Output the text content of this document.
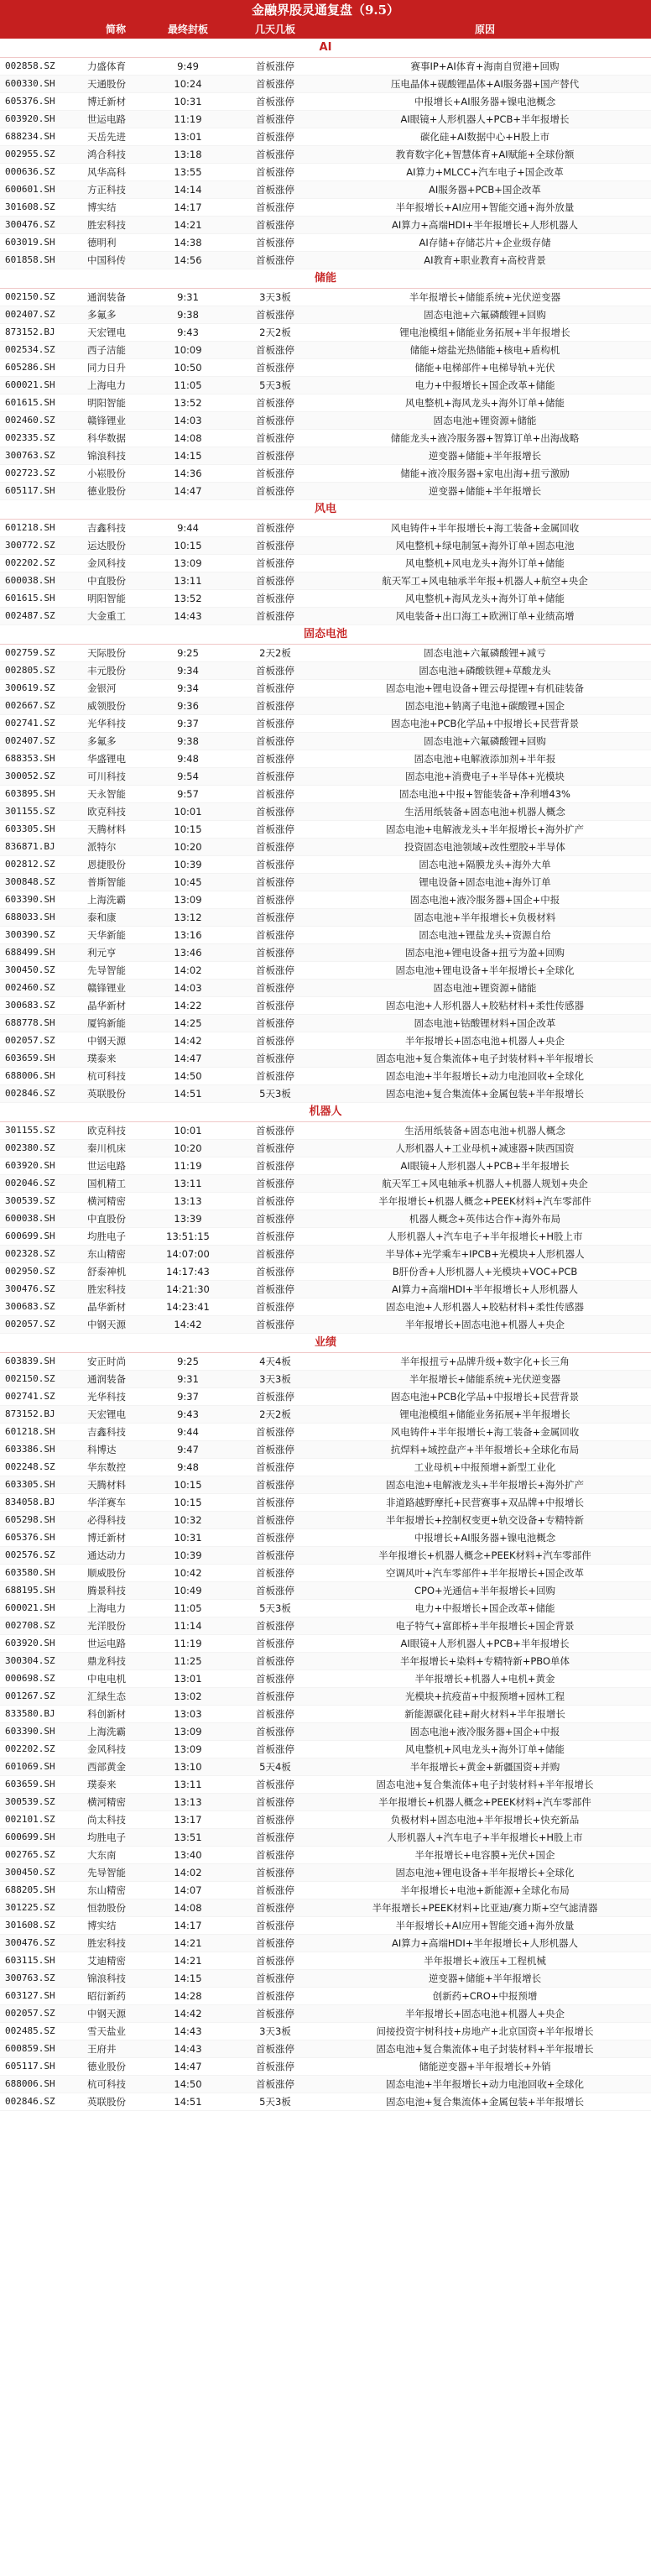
金融界股灵通复盘（9.5）
简称	最终封板	几天几板	原因
AI
002858.SZ	力盛体育	9:49	首板涨停	赛事IP+AI体育+海南自贸港+回购
600330.SH	天通股份	10:24	首板涨停	压电晶体+砚酸锂晶体+AI服务器+国产替代
605376.SH	博迁新材	10:31	首板涨停	中报增长+AI服务器+镍电池概念
603920.SH	世运电路	11:19	首板涨停	AI眼镜+人形机器人+PCB+半年报增长
688234.SH	天岳先进	13:01	首板涨停	碳化硅+AI数据中心+H股上市
002955.SZ	鸿合科技	13:18	首板涨停	教育数字化+智慧体育+AI赋能+全球份额
000636.SZ	风华高科	13:55	首板涨停	AI算力+MLCC+汽车电子+国企改革
600601.SH	方正科技	14:14	首板涨停	AI服务器+PCB+国企改革
301608.SZ	博实结	14:17	首板涨停	半年报增长+AI应用+智能交通+海外放量
300476.SZ	胜宏科技	14:21	首板涨停	AI算力+高端HDI+半年报增长+人形机器人
603019.SH	德明利	14:38	首板涨停	AI存储+存储芯片+企业级存储
601858.SH	中国科传	14:56	首板涨停	AI教育+职业教育+高校背景
储能
002150.SZ	通润装备	9:31	3天3板	半年报增长+储能系统+光伏逆变器
002407.SZ	多氟多	9:38	首板涨停	固态电池+六氟磷酸锂+回购
873152.BJ	天宏锂电	9:43	2天2板	锂电池模组+储能业务拓展+半年报增长
002534.SZ	西子洁能	10:09	首板涨停	储能+熔盐光热储能+核电+盾构机
605286.SH	同力日升	10:50	首板涨停	储能+电梯部件+电梯导轨+光伏
600021.SH	上海电力	11:05	5天3板	电力+中报增长+国企改革+储能
601615.SH	明阳智能	13:52	首板涨停	风电整机+海风龙头+海外订单+储能
002460.SZ	赣锋锂业	14:03	首板涨停	固态电池+锂资源+储能
002335.SZ	科华数据	14:08	首板涨停	储能龙头+液冷服务器+智算订单+出海战略
300763.SZ	锦浪科技	14:15	首板涨停	逆变器+储能+半年报增长
002723.SZ	小崧股份	14:36	首板涨停	储能+液冷服务器+家电出海+扭亏激励
605117.SH	德业股份	14:47	首板涨停	逆变器+储能+半年报增长
风电
601218.SH	吉鑫科技	9:44	首板涨停	风电铸件+半年报增长+海工装备+金属回收
300772.SZ	运达股份	10:15	首板涨停	风电整机+绿电制氢+海外订单+固态电池
002202.SZ	金风科技	13:09	首板涨停	风电整机+风电龙头+海外订单+储能
600038.SH	中直股份	13:11	首板涨停	航天军工+风电轴承半年报+机器人+航空+央企
601615.SH	明阳智能	13:52	首板涨停	风电整机+海风龙头+海外订单+储能
002487.SZ	大金重工	14:43	首板涨停	风电装备+出口海工+欧洲订单+业绩高增
固态电池
002759.SZ	天际股份	9:25	2天2板	固态电池+六氟磷酸锂+减亏
002805.SZ	丰元股份	9:34	首板涨停	固态电池+磷酸铁锂+草酸龙头
300619.SZ	金银河	9:34	首板涨停	固态电池+锂电设备+锂云母提锂+有机硅装备
002667.SZ	威领股份	9:36	首板涨停	固态电池+钠离子电池+碳酸锂+国企
002741.SZ	光华科技	9:37	首板涨停	固态电池+PCB化学品+中报增长+民营背景
002407.SZ	多氟多	9:38	首板涨停	固态电池+六氟磷酸锂+回购
688353.SH	华盛锂电	9:48	首板涨停	固态电池+电解液添加剂+半年报
300052.SZ	可川科技	9:54	首板涨停	固态电池+消费电子+半导体+光模块
603895.SH	天永智能	9:57	首板涨停	固态电池+中报+智能装备+净利增43%
301155.SZ	欧克科技	10:01	首板涨停	生活用纸装备+固态电池+机器人概念
603305.SH	天腾材料	10:15	首板涨停	固态电池+电解液龙头+半年报增长+海外扩产
836871.BJ	派特尔	10:20	首板涨停	投资固态电池领域+改性塑胶+半导体
002812.SZ	恩捷股份	10:39	首板涨停	固态电池+隔膜龙头+海外大单
300848.SZ	普斯智能	10:45	首板涨停	锂电设备+固态电池+海外订单
603390.SH	上海洗霸	13:09	首板涨停	固态电池+液冷服务器+国企+中报
688033.SH	泰和康	13:12	首板涨停	固态电池+半年报增长+负极材料
300390.SZ	天华新能	13:16	首板涨停	固态电池+锂盐龙头+资源自给
688499.SH	利元亨	13:46	首板涨停	固态电池+锂电设备+扭亏为盈+回购
300450.SZ	先导智能	14:02	首板涨停	固态电池+锂电设备+半年报增长+全球化
002460.SZ	赣锋锂业	14:03	首板涨停	固态电池+锂资源+储能
300683.SZ	晶华新材	14:22	首板涨停	固态电池+人形机器人+胶粘材料+柔性传感器
688778.SH	厦钨新能	14:25	首板涨停	固态电池+钴酸锂材料+国企改革
002057.SZ	中钢天源	14:42	首板涨停	半年报增长+固态电池+机器人+央企
603659.SH	璞泰来	14:47	首板涨停	固态电池+复合集流体+电子封装材料+半年报增长
688006.SH	杭可科技	14:50	首板涨停	固态电池+半年报增长+动力电池回收+全球化
002846.SZ	英联股份	14:51	5天3板	固态电池+复合集流体+金属包装+半年报增长
机器人
301155.SZ	欧克科技	10:01	首板涨停	生活用纸装备+固态电池+机器人概念
002380.SZ	秦川机床	10:20	首板涨停	人形机器人+工业母机+减速器+陕西国资
603920.SH	世运电路	11:19	首板涨停	AI眼镜+人形机器人+PCB+半年报增长
002046.SZ	国机精工	13:11	首板涨停	航天军工+风电轴承+机器人+机器人规划+央企
300539.SZ	横河精密	13:13	首板涨停	半年报增长+机器人概念+PEEK材料+汽车零部件
600038.SH	中直股份	13:39	首板涨停	机器人概念+英伟达合作+海外布局
600699.SH	均胜电子	13:51:15	首板涨停	人形机器人+汽车电子+半年报增长+H股上市
002328.SZ	东山精密	14:07:00	首板涨停	半导体+光学乘车+IPCB+光模块+人形机器人
002950.SZ	舒泰神机	14:17:43	首板涨停	B肝份香+人形机器人+光模块+VOC+PCB
300476.SZ	胜宏科技	14:21:30	首板涨停	AI算力+高端HDI+半年报增长+人形机器人
300683.SZ	晶华新材	14:23:41	首板涨停	固态电池+人形机器人+胶粘材料+柔性传感器
002057.SZ	中钢天源	14:42	首板涨停	半年报增长+固态电池+机器人+央企
业绩
603839.SH	安正时尚	9:25	4天4板	半年报扭亏+品牌升级+数字化+长三角
002150.SZ	通润装备	9:31	3天3板	半年报增长+储能系统+光伏逆变器
002741.SZ	光华科技	9:37	首板涨停	固态电池+PCB化学品+中报增长+民营背景
873152.BJ	天宏锂电	9:43	2天2板	锂电池模组+储能业务拓展+半年报增长
601218.SH	吉鑫科技	9:44	首板涨停	风电铸件+半年报增长+海工装备+金属回收
603386.SH	科博达	9:47	首板涨停	抗焊料+域控盘产+半年报增长+全球化布局
002248.SZ	华东数控	9:48	首板涨停	工业母机+中报预增+新型工业化
603305.SH	天腾材料	10:15	首板涨停	固态电池+电解液龙头+半年报增长+海外扩产
834058.BJ	华洋赛车	10:15	首板涨停	非道路越野摩托+民营赛事+双品牌+中报增长
605298.SH	必得科技	10:32	首板涨停	半年报增长+控制权变更+轨交设备+专精特新
605376.SH	博迁新材	10:31	首板涨停	中报增长+AI服务器+镍电池概念
002576.SZ	通达动力	10:39	首板涨停	半年报增长+机器人概念+PEEK材料+汽车零部件
603580.SH	顺威股份	10:42	首板涨停	空调风叶+汽车零部件+半年报增长+国企改革
688195.SH	腾景科技	10:49	首板涨停	CPO+光通信+半年报增长+回购
600021.SH	上海电力	11:05	5天3板	电力+中报增长+国企改革+储能
002708.SZ	光洋股份	11:14	首板涨停	电子特气+富郎桥+半年报增长+国企背景
603920.SH	世运电路	11:19	首板涨停	AI眼镜+人形机器人+PCB+半年报增长
300304.SZ	鼎龙科技	11:25	首板涨停	半年报增长+染料+专精特新+PBO单体
000698.SZ	中电电机	13:01	首板涨停	半年报增长+机器人+电机+黄金
001267.SZ	汇绿生态	13:02	首板涨停	光模块+抗疫苗+中报预增+园林工程
833580.BJ	科创新材	13:03	首板涨停	新能源碳化硅+耐火材料+半年报增长
603390.SH	上海洗霸	13:09	首板涨停	固态电池+液冷服务器+国企+中报
002202.SZ	金风科技	13:09	首板涨停	风电整机+风电龙头+海外订单+储能
601069.SH	西部黄金	13:10	5天4板	半年报增长+黄金+新疆国资+并购
603659.SH	璞泰来	13:11	首板涨停	固态电池+复合集流体+电子封装材料+半年报增长
300539.SZ	横河精密	13:13	首板涨停	半年报增长+机器人概念+PEEK材料+汽车零部件
002101.SZ	尚太科技	13:17	首板涨停	负极材料+固态电池+半年报增长+快充新品
600699.SH	均胜电子	13:51	首板涨停	人形机器人+汽车电子+半年报增长+H股上市
002765.SZ	大东南	13:40	首板涨停	半年报增长+电容膜+光伏+国企
300450.SZ	先导智能	14:02	首板涨停	固态电池+锂电设备+半年报增长+全球化
688205.SH	东山精密	14:07	首板涨停	半年报增长+电池+新能源+全球化布局
301225.SZ	恒勃股份	14:08	首板涨停	半年报增长+PEEK材料+比亚迪/赛力斯+空气滤清器
301608.SZ	博实结	14:17	首板涨停	半年报增长+AI应用+智能交通+海外放量
300476.SZ	胜宏科技	14:21	首板涨停	AI算力+高端HDI+半年报增长+人形机器人
603115.SH	艾迪精密	14:21	首板涨停	半年报增长+液压+工程机械
300763.SZ	锦浪科技	14:15	首板涨停	逆变器+储能+半年报增长
603127.SH	昭衍新药	14:28	首板涨停	创新药+CRO+中报预增
002057.SZ	中钢天源	14:42	首板涨停	半年报增长+固态电池+机器人+央企
002485.SZ	雪天盐业	14:43	3天3板	间接投资宇树科技+房地产+北京国资+半年报增长
600859.SH	王府井	14:43	首板涨停	固态电池+复合集流体+电子封装材料+半年报增长
605117.SH	德业股份	14:47	首板涨停	储能逆变器+半年报增长+外销
688006.SH	杭可科技	14:50	首板涨停	固态电池+半年报增长+动力电池回收+全球化
002846.SZ	英联股份	14:51	5天3板	固态电池+复合集流体+金属包装+半年报增长
